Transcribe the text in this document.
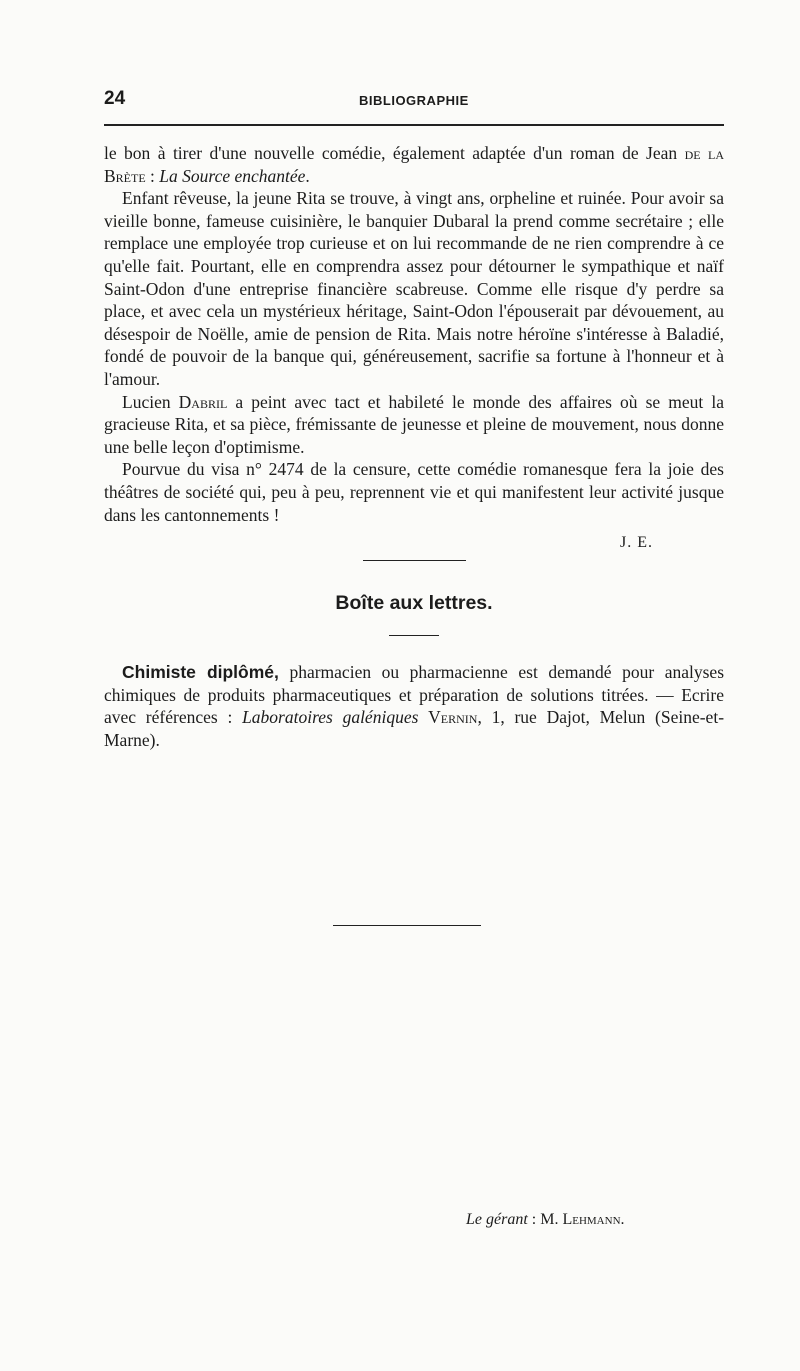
24	BIBLIOGRAPHIE

le bon à tirer d'une nouvelle comédie, également adaptée d'un roman de Jean de la Brète : La Source enchantée.

Enfant rêveuse, la jeune Rita se trouve, à vingt ans, orpheline et ruinée. Pour avoir sa vieille bonne, fameuse cuisinière, le banquier Dubaral la prend comme secrétaire ; elle remplace une employée trop curieuse et on lui recommande de ne rien comprendre à ce qu'elle fait. Pourtant, elle en comprendra assez pour détourner le sympathique et naïf Saint-Odon d'une entreprise financière scabreuse. Comme elle risque d'y perdre sa place, et avec cela un mystérieux héritage, Saint-Odon l'épouserait par dévouement, au désespoir de Noëlle, amie de pension de Rita. Mais notre héroïne s'intéresse à Baladié, fondé de pouvoir de la banque qui, généreusement, sacrifie sa fortune à l'honneur et à l'amour.

Lucien Dabril a peint avec tact et habileté le monde des affaires où se meut la gracieuse Rita, et sa pièce, frémissante de jeunesse et pleine de mouvement, nous donne une belle leçon d'optimisme.

Pourvue du visa n° 2474 de la censure, cette comédie romanesque fera la joie des théâtres de société qui, peu à peu, reprennent vie et qui manifestent leur activité jusque dans les cantonnements !

J. E.
Boîte aux lettres.

Chimiste diplômé, pharmacien ou pharmacienne est demandé pour analyses chimiques de produits pharmaceutiques et préparation de solutions titrées. — Ecrire avec références : Laboratoires galéniques Vernin, 1, rue Dajot, Melun (Seine-et-Marne).

Le gérant : M. Lehmann.
